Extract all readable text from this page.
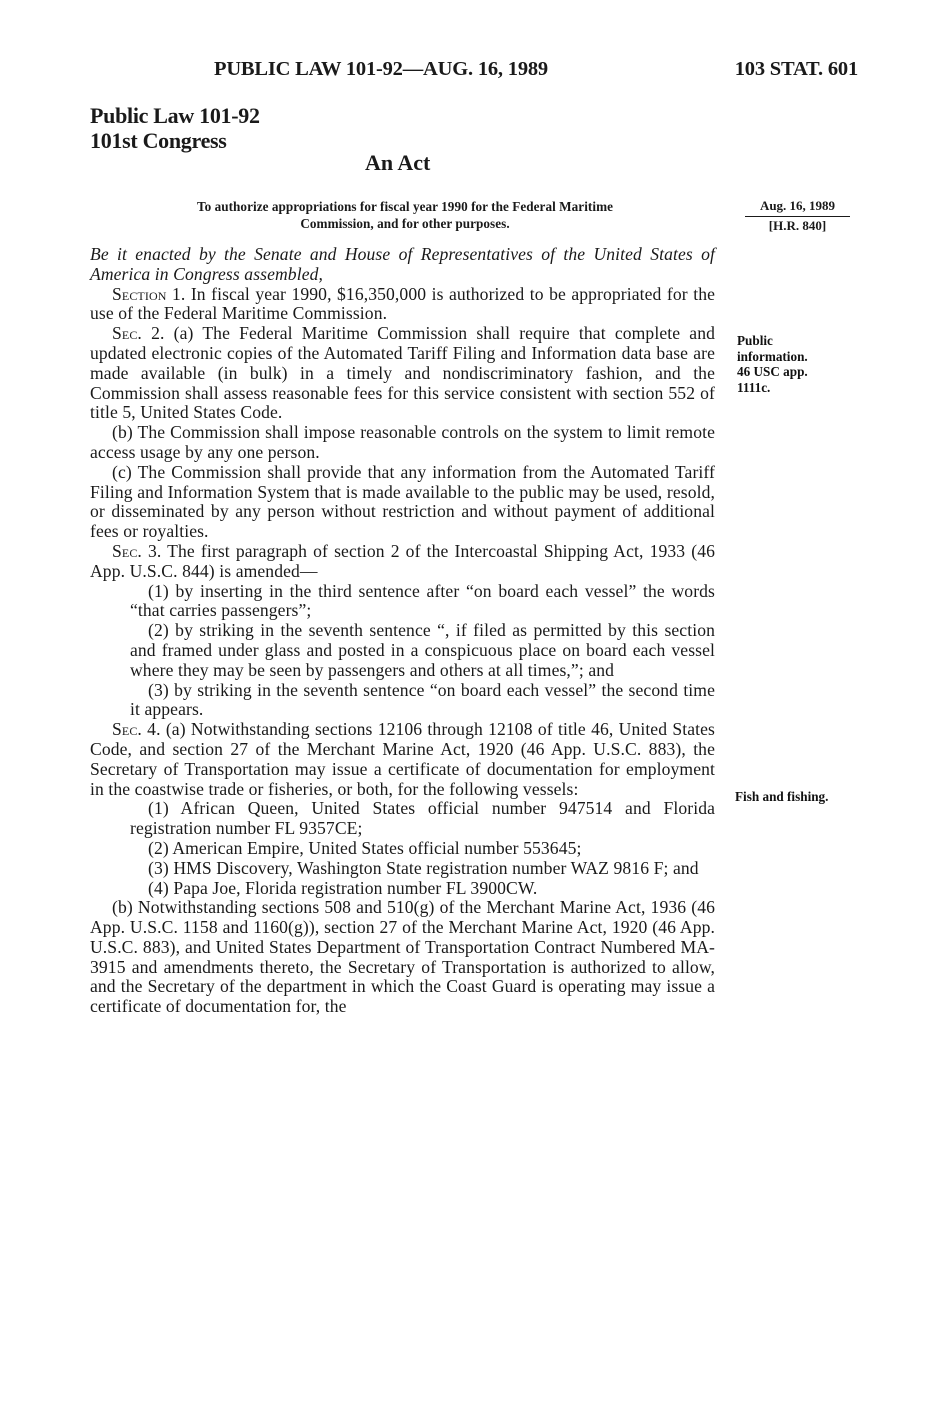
PUBLIC LAW 101-92—AUG. 16, 1989	103 STAT. 601
Public Law 101-92
101st Congress
An Act
To authorize appropriations for fiscal year 1990 for the Federal Maritime
Commission, and for other purposes.
Aug. 16, 1989
[H.R. 840]
Public
information.
46 USC app.
1111c.
Fish and fishing.

Be it enacted by the Senate and House of Representatives of the United States of America in Congress assembled,

Section 1. In fiscal year 1990, $16,350,000 is authorized to be appropriated for the use of the Federal Maritime Commission.

Sec. 2. (a) The Federal Maritime Commission shall require that complete and updated electronic copies of the Automated Tariff Filing and Information data base are made available (in bulk) in a timely and nondiscriminatory fashion, and the Commission shall assess reasonable fees for this service consistent with section 552 of title 5, United States Code.

(b) The Commission shall impose reasonable controls on the system to limit remote access usage by any one person.

(c) The Commission shall provide that any information from the Automated Tariff Filing and Information System that is made available to the public may be used, resold, or disseminated by any person without restriction and without payment of additional fees or royalties.

Sec. 3. The first paragraph of section 2 of the Intercoastal Shipping Act, 1933 (46 App. U.S.C. 844) is amended—

(1) by inserting in the third sentence after “on board each vessel” the words “that carries passengers”;

(2) by striking in the seventh sentence “, if filed as permitted by this section and framed under glass and posted in a conspicuous place on board each vessel where they may be seen by passengers and others at all times,”; and

(3) by striking in the seventh sentence “on board each vessel” the second time it appears.

Sec. 4. (a) Notwithstanding sections 12106 through 12108 of title 46, United States Code, and section 27 of the Merchant Marine Act, 1920 (46 App. U.S.C. 883), the Secretary of Transportation may issue a certificate of documentation for employment in the coastwise trade or fisheries, or both, for the following vessels:

(1) African Queen, United States official number 947514 and Florida registration number FL 9357CE;

(2) American Empire, United States official number 553645;

(3) HMS Discovery, Washington State registration number WAZ 9816 F; and

(4) Papa Joe, Florida registration number FL 3900CW.

(b) Notwithstanding sections 508 and 510(g) of the Merchant Marine Act, 1936 (46 App. U.S.C. 1158 and 1160(g)), section 27 of the Merchant Marine Act, 1920 (46 App. U.S.C. 883), and United States Department of Transportation Contract Numbered MA-3915 and amendments thereto, the Secretary of Transportation is authorized to allow, and the Secretary of the department in which the Coast Guard is operating may issue a certificate of documentation for, the
